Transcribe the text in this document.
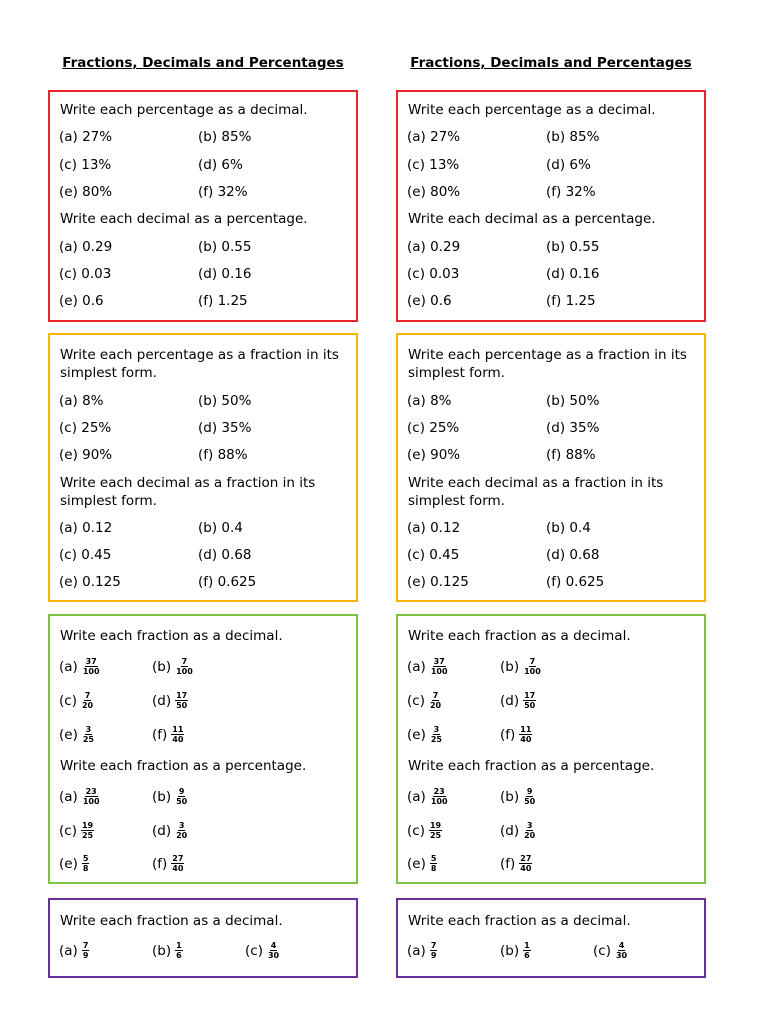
Fractions, Decimals and Percentages
Write each percentage as a decimal.
(a) 27%	(b) 85%
(c) 13%	(d) 6%
(e) 80%	(f) 32%
Write each decimal as a percentage.
(a) 0.29	(b) 0.55
(c) 0.03	(d) 0.16
(e) 0.6	(f) 1.25
Write each percentage as a fraction in its simplest form.
(a) 8%	(b) 50%
(c) 25%	(d) 35%
(e) 90%	(f) 88%
Write each decimal as a fraction in its simplest form.
(a) 0.12	(b) 0.4
(c) 0.45	(d) 0.68
(e) 0.125	(f) 0.625
Write each fraction as a decimal.
$(a) \frac{37}{100}$	$(b) \frac{7}{100}$
$(c) \frac{7}{20}$	$(d) \frac{17}{50}$
$(e) \frac{3}{25}$	$(f) \frac{11}{40}$
Write each fraction as a percentage.
$(a) \frac{23}{100}$	$(b) \frac{9}{50}$
$(c) \frac{19}{25}$	$(d) \frac{3}{20}$
$(e) \frac{5}{8}$	$(f) \frac{27}{40}$
Write each fraction as a decimal.
$(a) \frac{7}{9}$	$(b) \frac{1}{6}$	$(c) \frac{4}{30}$
Fractions, Decimals and Percentages
Write each percentage as a decimal.
(a) 27%	(b) 85%
(c) 13%	(d) 6%
(e) 80%	(f) 32%
Write each decimal as a percentage.
(a) 0.29	(b) 0.55
(c) 0.03	(d) 0.16
(e) 0.6	(f) 1.25
Write each percentage as a fraction in its simplest form.
(a) 8%	(b) 50%
(c) 25%	(d) 35%
(e) 90%	(f) 88%
Write each decimal as a fraction in its simplest form.
(a) 0.12	(b) 0.4
(c) 0.45	(d) 0.68
(e) 0.125	(f) 0.625
Write each fraction as a decimal.
$(a) \frac{37}{100}$	$(b) \frac{7}{100}$
$(c) \frac{7}{20}$	$(d) \frac{17}{50}$
$(e) \frac{3}{25}$	$(f) \frac{11}{40}$
Write each fraction as a percentage.
$(a) \frac{23}{100}$	$(b) \frac{9}{50}$
$(c) \frac{19}{25}$	$(d) \frac{3}{20}$
$(e) \frac{5}{8}$	$(f) \frac{27}{40}$
Write each fraction as a decimal.
$(a) \frac{7}{9}$	$(b) \frac{1}{6}$	$(c) \frac{4}{30}$
